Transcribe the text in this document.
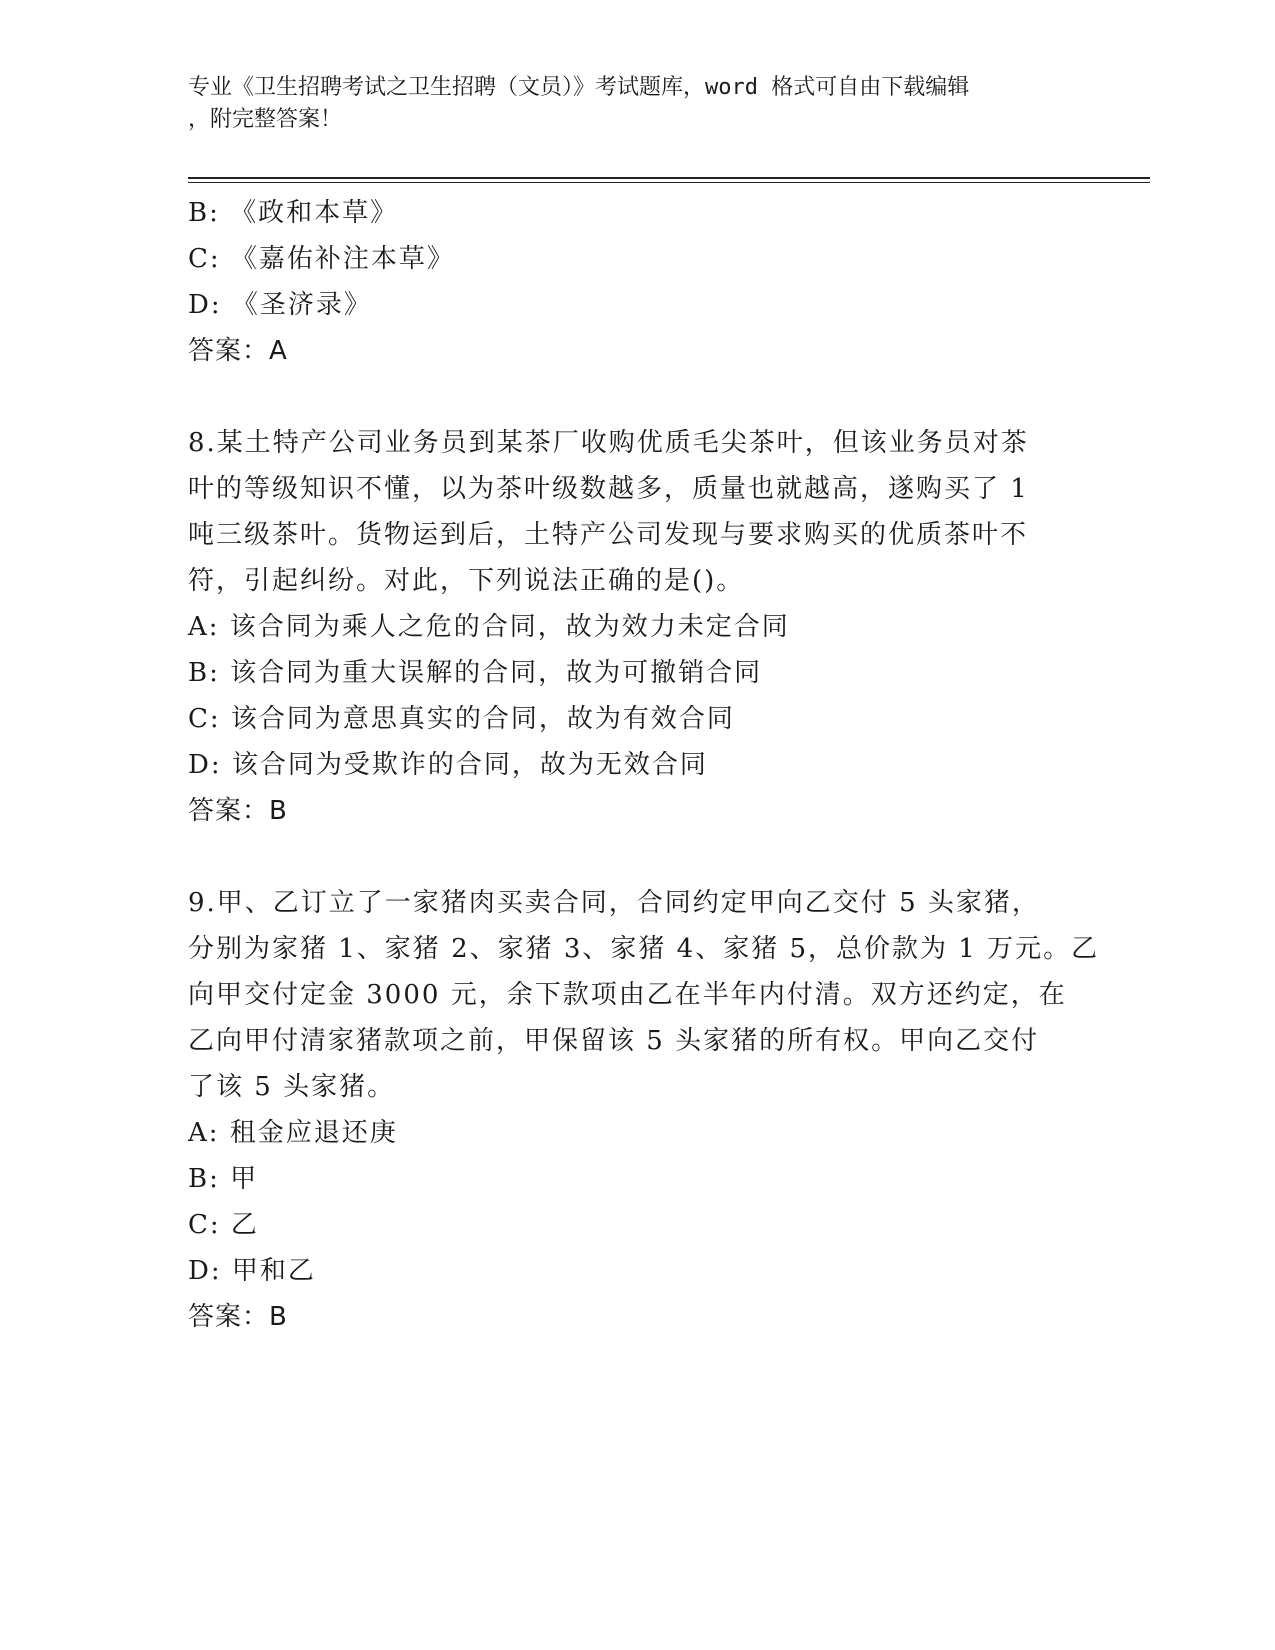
专业《卫生招聘考试之卫生招聘（文员）》考试题库，word 格式可自由下载编辑
，附完整答案！
B: 《政和本草》
C: 《嘉佑补注本草》
D: 《圣济录》
答案：A
8.某土特产公司业务员到某茶厂收购优质毛尖茶叶，但该业务员对茶
叶的等级知识不懂，以为茶叶级数越多，质量也就越高，遂购买了 1
吨三级茶叶。货物运到后，土特产公司发现与要求购买的优质茶叶不
符，引起纠纷。对此，下列说法正确的是()。
A: 该合同为乘人之危的合同，故为效力未定合同
B: 该合同为重大误解的合同，故为可撤销合同
C: 该合同为意思真实的合同，故为有效合同
D: 该合同为受欺诈的合同，故为无效合同
答案：B
9.甲、乙订立了一家猪肉买卖合同，合同约定甲向乙交付 5 头家猪，
分别为家猪 1、家猪 2、家猪 3、家猪 4、家猪 5，总价款为 1 万元。乙
向甲交付定金 3000 元，余下款项由乙在半年内付清。双方还约定，在
乙向甲付清家猪款项之前，甲保留该 5 头家猪的所有权。甲向乙交付
了该 5 头家猪。
A: 租金应退还庚
B: 甲
C: 乙
D: 甲和乙
答案：B
